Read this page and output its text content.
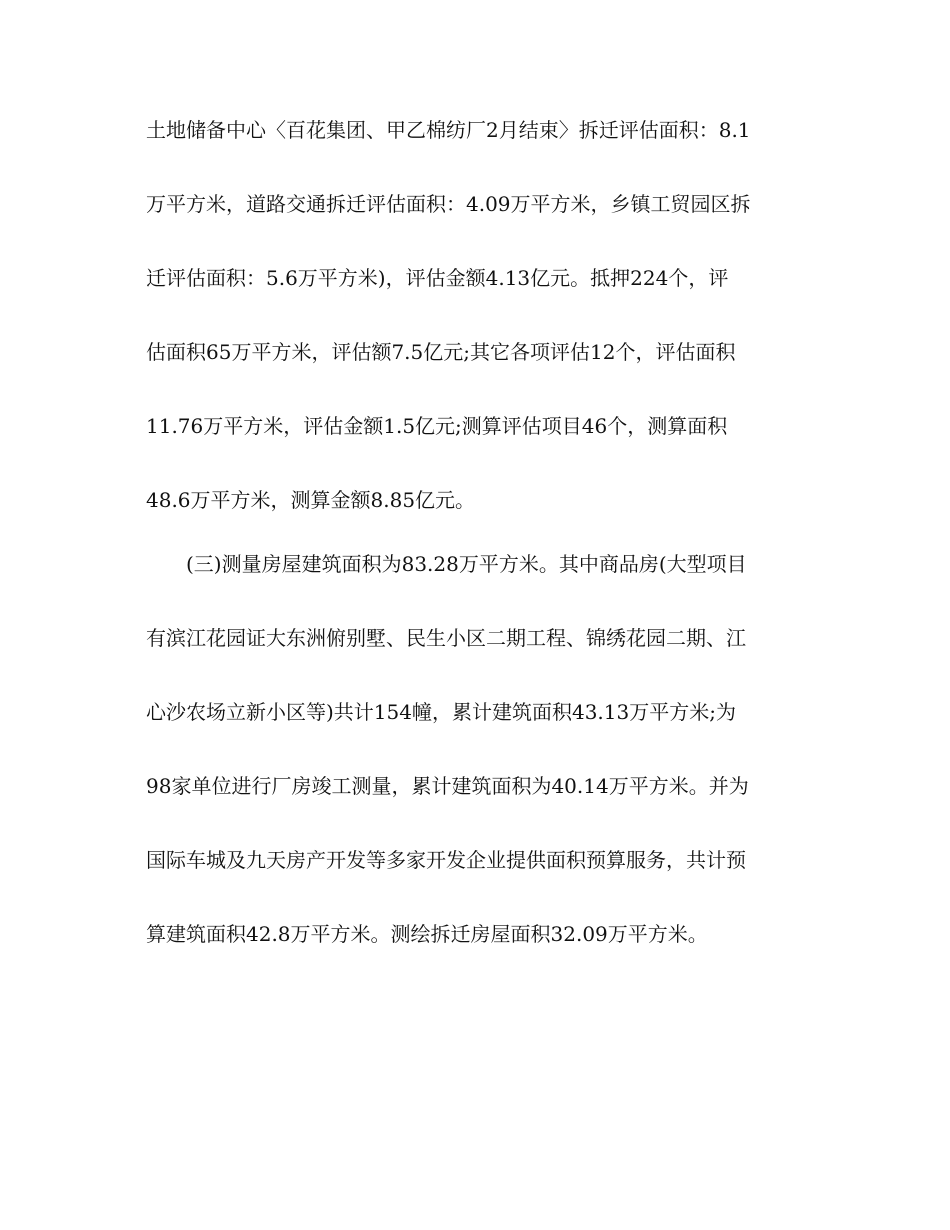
土地储备中心〈百花集团、甲乙棉纺厂2月结束〉拆迁评估面积：8.1
万平方米，道路交通拆迁评估面积：4.09万平方米，乡镇工贸园区拆
迁评估面积：5.6万平方米)，评估金额4.13亿元。抵押224个，评
估面积65万平方米，评估额7.5亿元;其它各项评估12个，评估面积
11.76万平方米，评估金额1.5亿元;测算评估项目46个，测算面积
48.6万平方米，测算金额8.85亿元。
(三)测量房屋建筑面积为83.28万平方米。其中商品房(大型项目
有滨江花园证大东洲俯别墅、民生小区二期工程、锦绣花园二期、江
心沙农场立新小区等)共计154幢，累计建筑面积43.13万平方米;为
98家单位进行厂房竣工测量，累计建筑面积为40.14万平方米。并为
国际车城及九天房产开发等多家开发企业提供面积预算服务，共计预
算建筑面积42.8万平方米。测绘拆迁房屋面积32.09万平方米。
